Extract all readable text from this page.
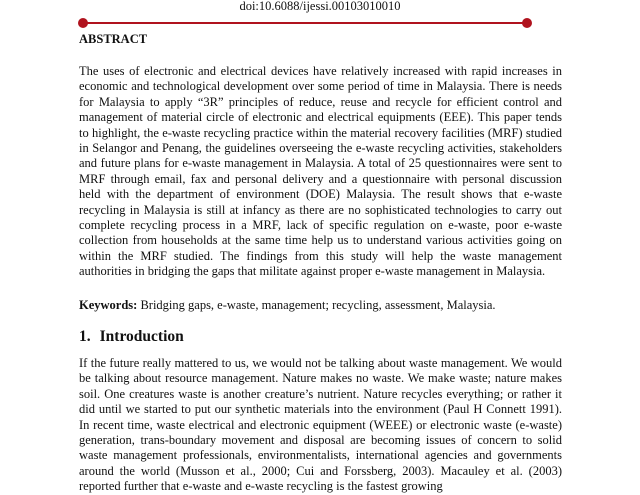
doi:10.6088/ijessi.00103010010
ABSTRACT
The uses of electronic and electrical devices have relatively increased with rapid increases in economic and technological development over some period of time in Malaysia. There is needs for Malaysia to apply “3R” principles of reduce, reuse and recycle for efficient control and management of material circle of electronic and electrical equipments (EEE). This paper tends to highlight, the e-waste recycling practice within the material recovery facilities (MRF) studied in Selangor and Penang, the guidelines overseeing the e-waste recycling activities, stakeholders and future plans for e-waste management in Malaysia. A total of 25 questionnaires were sent to MRF through email, fax and personal delivery and a questionnaire with personal discussion held with the department of environment (DOE) Malaysia. The result shows that e-waste recycling in Malaysia is still at infancy as there are no sophisticated technologies to carry out complete recycling process in a MRF, lack of specific regulation on e-waste, poor e-waste collection from households at the same time help us to understand various activities going on within the MRF studied. The findings from this study will help the waste management authorities in bridging the gaps that militate against proper e-waste management in Malaysia.
Keywords: Bridging gaps, e-waste, management; recycling, assessment, Malaysia.
1. Introduction
If the future really mattered to us, we would not be talking about waste management. We would be talking about resource management. Nature makes no waste. We make waste; nature makes soil. One creatures waste is another creature’s nutrient. Nature recycles everything; or rather it did until we started to put our synthetic materials into the environment (Paul H Connett 1991). In recent time, waste electrical and electronic equipment (WEEE) or electronic waste (e-waste) generation, trans-boundary movement and disposal are becoming issues of concern to solid waste management professionals, environmentalists, international agencies and governments around the world (Musson et al., 2000; Cui and Forssberg, 2003). Macauley et al. (2003) reported further that e-waste and e-waste recycling is the fastest growing
